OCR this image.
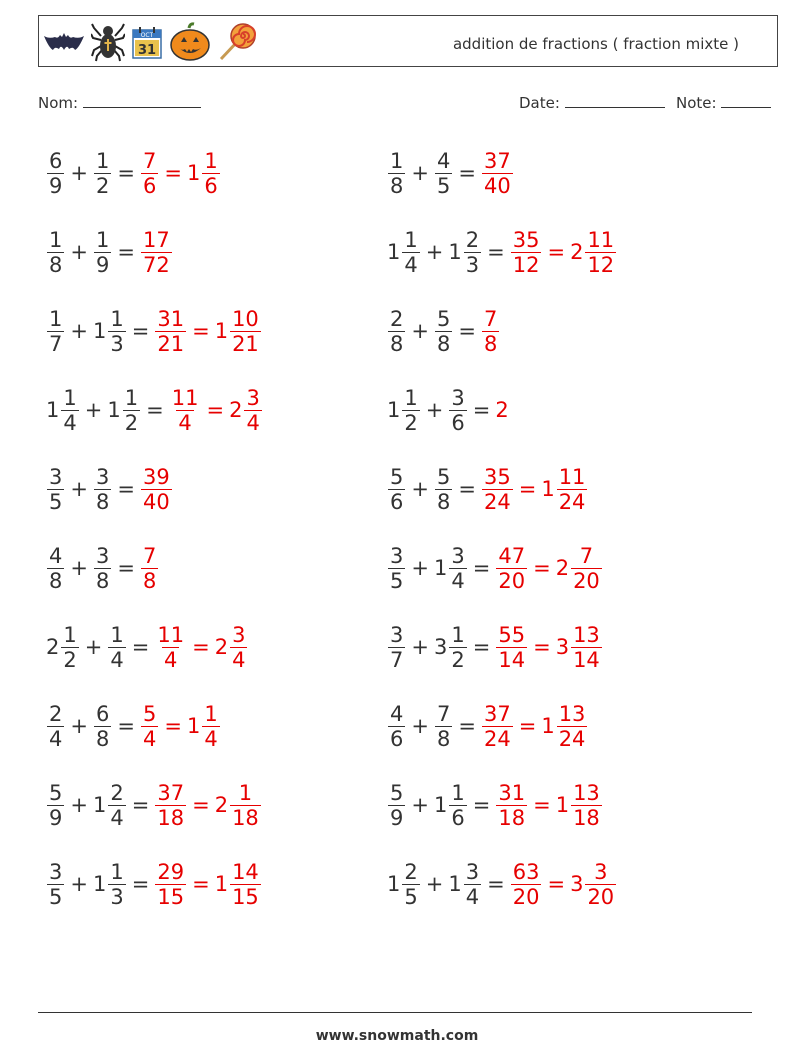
OCT
31	addition de fractions ( fraction mixte )
Nom:	Date:	Note:
$\frac{6}{9} + \frac{1}{2} = \frac{7}{6} = 1 \frac{1}{6}$	$\frac{1}{8} + \frac{4}{5} = \frac{37}{40}$
$\frac{1}{8} + \frac{1}{9} = \frac{17}{72}$	$1 \frac{1}{4} + 1 \frac{2}{3} = \frac{35}{12} = 2 \frac{11}{12}$
$\frac{1}{7} + 1 \frac{1}{3} = \frac{31}{21} = 1 \frac{10}{21}$	$\frac{2}{8} + \frac{5}{8} = \frac{7}{8}$
$1 \frac{1}{4} + 1 \frac{1}{2} = \frac{11}{4} = 2 \frac{3}{4}$	$1 \frac{1}{2} + \frac{3}{6} = 2$
$\frac{3}{5} + \frac{3}{8} = \frac{39}{40}$	$\frac{5}{6} + \frac{5}{8} = \frac{35}{24} = 1 \frac{11}{24}$
$\frac{4}{8} + \frac{3}{8} = \frac{7}{8}$	$\frac{3}{5} + 1 \frac{3}{4} = \frac{47}{20} = 2 \frac{7}{20}$
$2 \frac{1}{2} + \frac{1}{4} = \frac{11}{4} = 2 \frac{3}{4}$	$\frac{3}{7} + 3 \frac{1}{2} = \frac{55}{14} = 3 \frac{13}{14}$
$\frac{2}{4} + \frac{6}{8} = \frac{5}{4} = 1 \frac{1}{4}$	$\frac{4}{6} + \frac{7}{8} = \frac{37}{24} = 1 \frac{13}{24}$
$\frac{5}{9} + 1 \frac{2}{4} = \frac{37}{18} = 2 \frac{1}{18}$	$\frac{5}{9} + 1 \frac{1}{6} = \frac{31}{18} = 1 \frac{13}{18}$
$\frac{3}{5} + 1 \frac{1}{3} = \frac{29}{15} = 1 \frac{14}{15}$	$1 \frac{2}{5} + 1 \frac{3}{4} = \frac{63}{20} = 3 \frac{3}{20}$
www.snowmath.com
